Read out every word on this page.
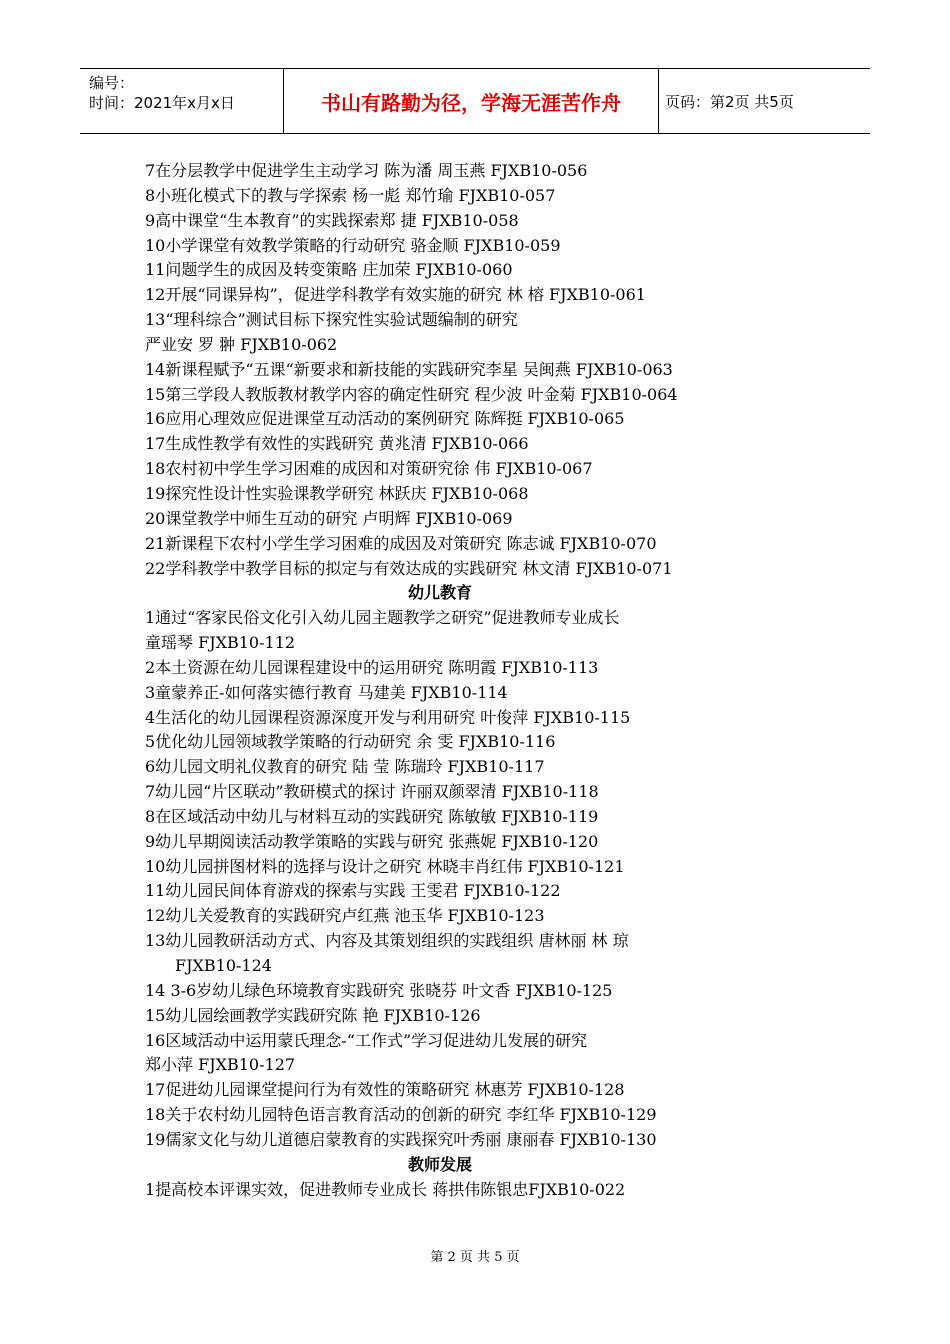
编号：
时间：2021年x月x日	书山有路勤为径，学海无涯苦作舟	页码：第2页 共5页
7在分层教学中促进学生主动学习 陈为潘 周玉燕 FJXB10-056
8小班化模式下的教与学探索 杨一彪 郑竹瑜 FJXB10-057
9高中课堂“生本教育”的实践探索郑 捷 FJXB10-058
10小学课堂有效教学策略的行动研究 骆金顺 FJXB10-059
11问题学生的成因及转变策略 庄加荣 FJXB10-060
12开展“同课异构”，促进学科教学有效实施的研究 林 榕 FJXB10-061
13“理科综合”测试目标下探究性实验试题编制的研究
严业安 罗 翀 FJXB10-062
14新课程赋予“五课“新要求和新技能的实践研究李星 吴闽燕 FJXB10-063
15第三学段人教版教材教学内容的确定性研究 程少波 叶金菊 FJXB10-064
16应用心理效应促进课堂互动活动的案例研究 陈辉挺 FJXB10-065
17生成性教学有效性的实践研究 黄兆清 FJXB10-066
18农村初中学生学习困难的成因和对策研究徐 伟 FJXB10-067
19探究性设计性实验课教学研究 林跃庆 FJXB10-068
20课堂教学中师生互动的研究 卢明辉 FJXB10-069
21新课程下农村小学生学习困难的成因及对策研究 陈志诚 FJXB10-070
22学科教学中教学目标的拟定与有效达成的实践研究 林文清 FJXB10-071
幼儿教育
1通过“客家民俗文化引入幼儿园主题教学之研究”促进教师专业成长
童瑶琴 FJXB10-112
2本土资源在幼儿园课程建设中的运用研究 陈明霞 FJXB10-113
3童蒙养正-如何落实德行教育 马建美 FJXB10-114
4生活化的幼儿园课程资源深度开发与利用研究 叶俊萍 FJXB10-115
5优化幼儿园领域教学策略的行动研究 余 雯 FJXB10-116
6幼儿园文明礼仪教育的研究 陆 莹 陈瑞玲 FJXB10-117
7幼儿园“片区联动”教研模式的探讨 许丽双颜翠清 FJXB10-118
8在区域活动中幼儿与材料互动的实践研究 陈敏敏 FJXB10-119
9幼儿早期阅读活动教学策略的实践与研究 张燕妮 FJXB10-120
10幼儿园拼图材料的选择与设计之研究 林晓丰肖红伟 FJXB10-121
11幼儿园民间体育游戏的探索与实践 王雯君 FJXB10-122
12幼儿关爱教育的实践研究卢红燕 池玉华 FJXB10-123
13幼儿园教研活动方式、内容及其策划组织的实践组织 唐林丽 林 琼
FJXB10-124
14 3-6岁幼儿绿色环境教育实践研究 张晓芬 叶文香 FJXB10-125
15幼儿园绘画教学实践研究陈 艳 FJXB10-126
16区域活动中运用蒙氏理念-“工作式”学习促进幼儿发展的研究
郑小萍 FJXB10-127
17促进幼儿园课堂提问行为有效性的策略研究 林惠芳 FJXB10-128
18关于农村幼儿园特色语言教育活动的创新的研究 李红华 FJXB10-129
19儒家文化与幼儿道德启蒙教育的实践探究叶秀丽 康丽春 FJXB10-130
教师发展
1提高校本评课实效，促进教师专业成长 蒋拱伟陈银忠FJXB10-022
第 2 页 共 5 页
